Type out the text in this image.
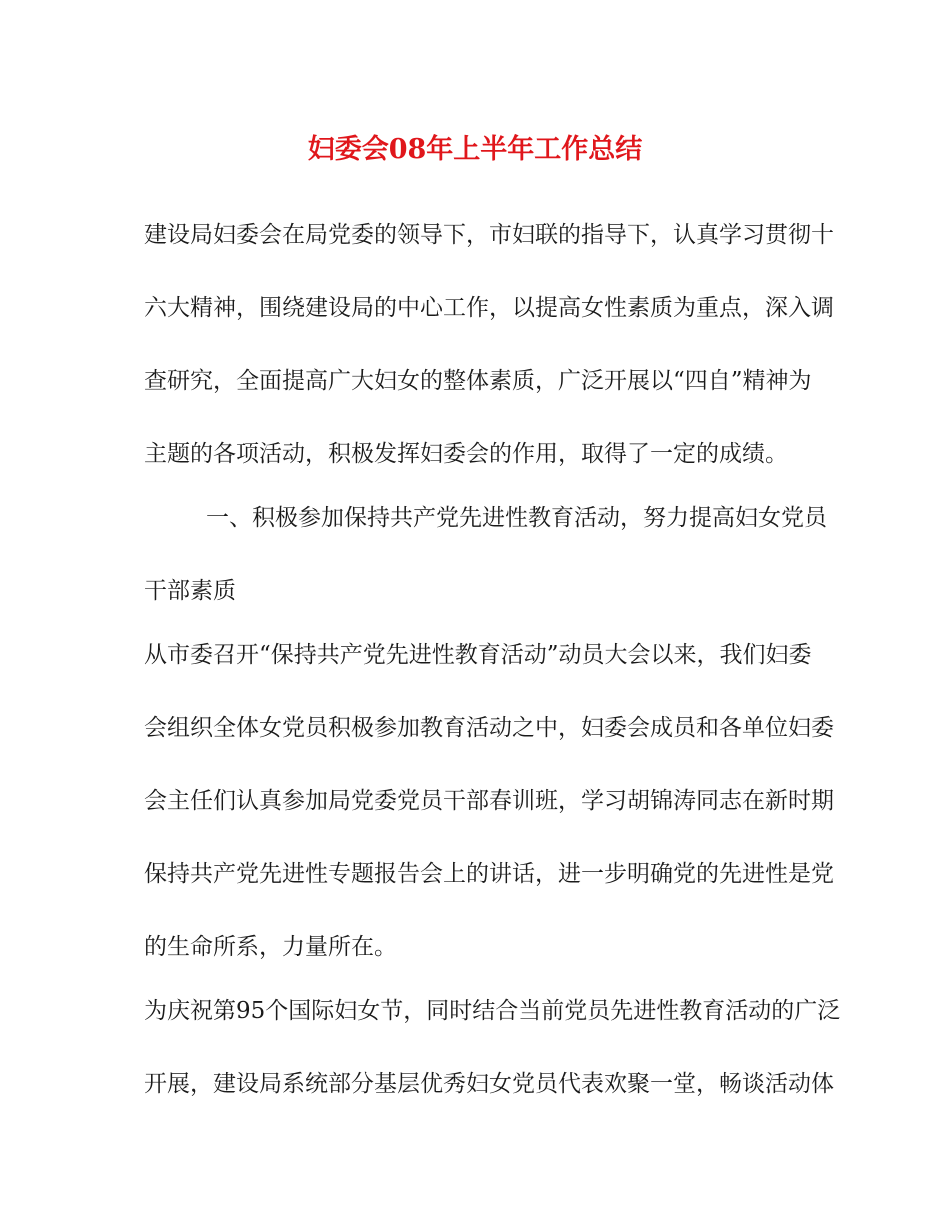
妇委会08年上半年工作总结
建设局妇委会在局党委的领导下，市妇联的指导下，认真学习贯彻十
六大精神，围绕建设局的中心工作，以提高女性素质为重点，深入调
查研究，全面提高广大妇女的整体素质，广泛开展以“四自”精神为
主题的各项活动，积极发挥妇委会的作用，取得了一定的成绩。
一、积极参加保持共产党先进性教育活动，努力提高妇女党员
干部素质
从市委召开“保持共产党先进性教育活动”动员大会以来，我们妇委
会组织全体女党员积极参加教育活动之中，妇委会成员和各单位妇委
会主任们认真参加局党委党员干部春训班，学习胡锦涛同志在新时期
保持共产党先进性专题报告会上的讲话，进一步明确党的先进性是党
的生命所系，力量所在。
为庆祝第95个国际妇女节，同时结合当前党员先进性教育活动的广泛
开展，建设局系统部分基层优秀妇女党员代表欢聚一堂，畅谈活动体
